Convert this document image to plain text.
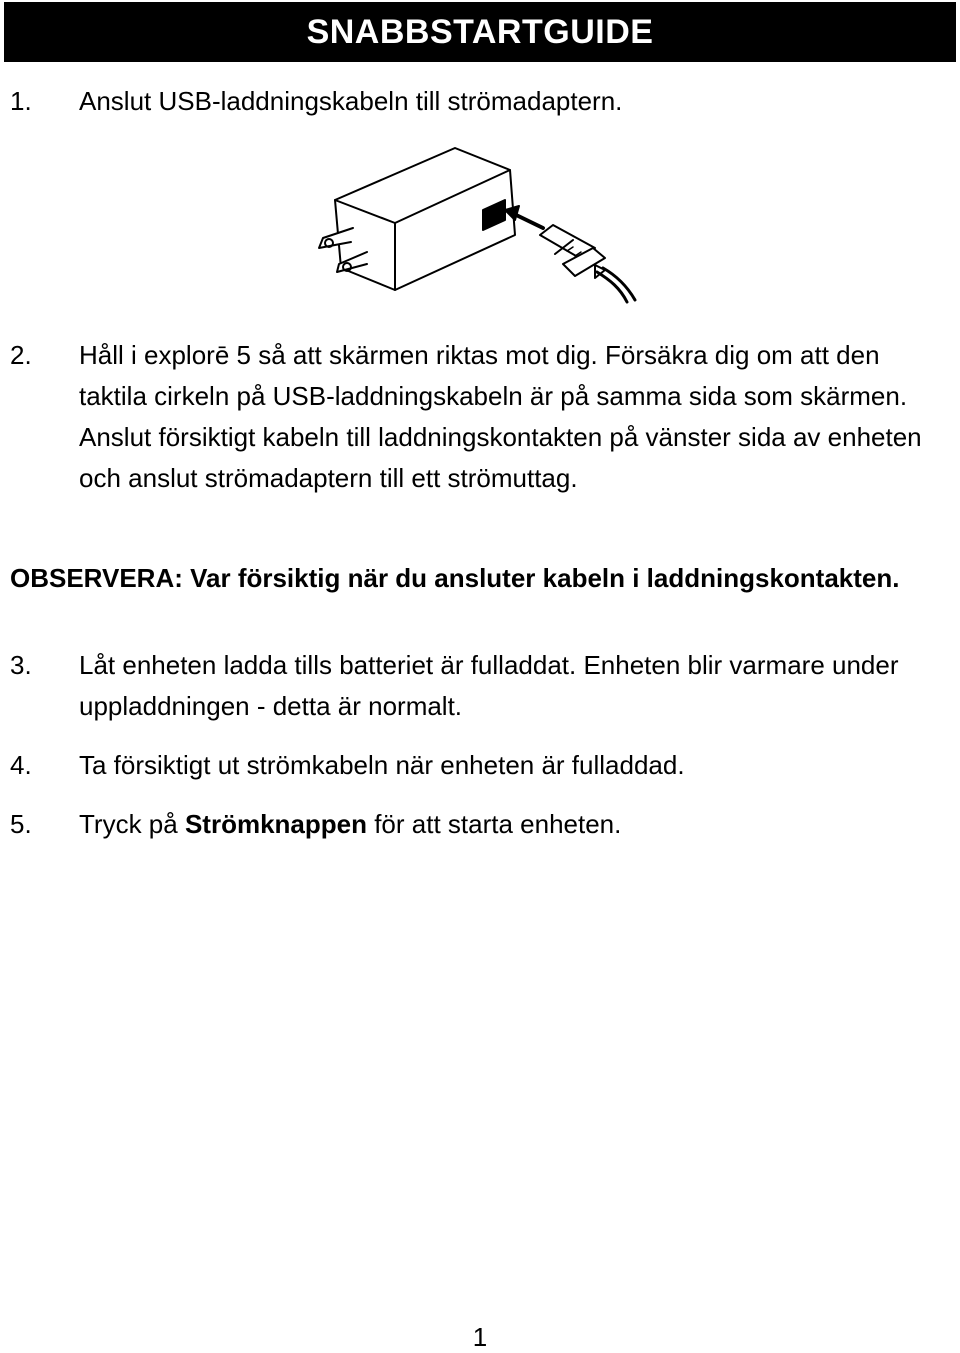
SNABBSTARTGUIDE
1. Anslut USB-laddningskabeln till strömadaptern.
2. Håll i explorē 5 så att skärmen riktas mot dig. Försäkra dig om att den taktila cirkeln på USB-laddningskabeln är på samma sida som skärmen. Anslut försiktigt kabeln till laddningskontakten på vänster sida av enheten och anslut strömadaptern till ett strömuttag.
OBSERVERA: Var försiktig när du ansluter kabeln i laddningskontakten.
3. Låt enheten ladda tills batteriet är fulladdat. Enheten blir varmare under uppladdningen - detta är normalt.
4. Ta försiktigt ut strömkabeln när enheten är fulladdad.
5. Tryck på Strömknappen för att starta enheten.
1
